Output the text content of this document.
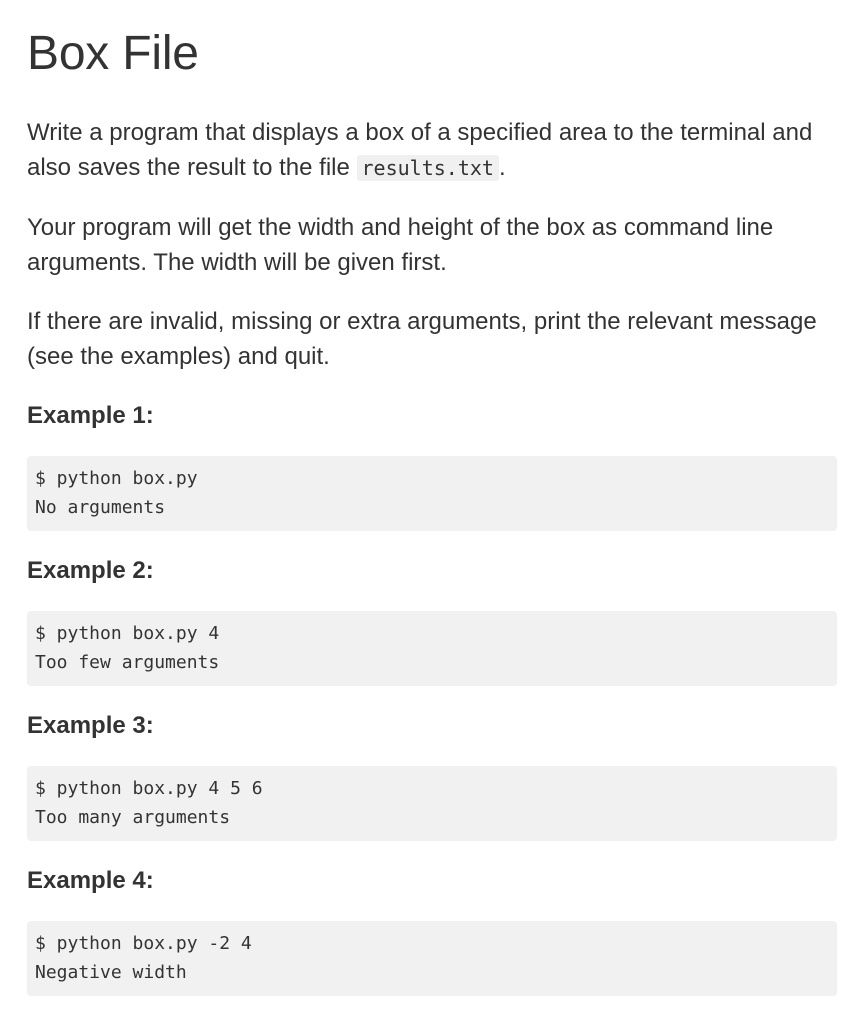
Box File

Write a program that displays a box of a specified area to the terminal and also saves the result to the file results.txt .

Your program will get the width and height of the box as command line arguments. The width will be given first.

If there are invalid, missing or extra arguments, print the relevant message (see the examples) and quit.

Example 1:
$ python box.py
No arguments
Example 2:
$ python box.py 4
Too few arguments
Example 3:
$ python box.py 4 5 6
Too many arguments
Example 4:
$ python box.py -2 4
Negative width
